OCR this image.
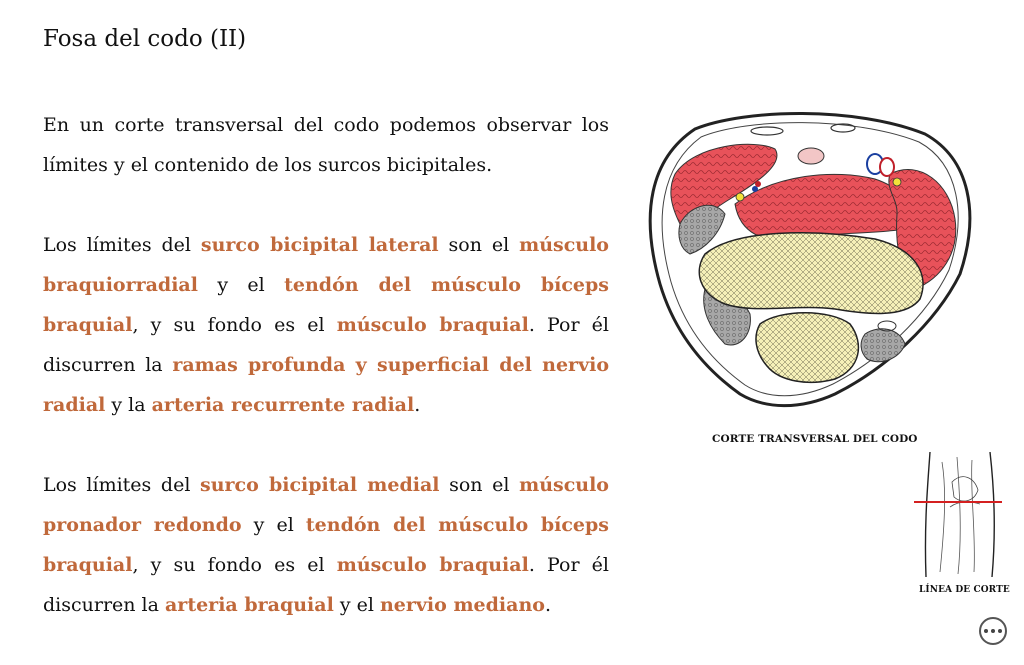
Fosa del codo (II)

En un corte transversal del codo podemos observar los límites y el contenido de los surcos bicipitales.

Los límites del surco bicipital lateral son el músculo braquiorradial y el tendón del músculo bíceps braquial, y su fondo es el músculo braquial. Por él discurren la ramas profunda y superficial del nervio radial y la arteria recurrente radial.

Los límites del surco bicipital medial son el músculo pronador redondo y el tendón del músculo bíceps braquial, y su fondo es el músculo braquial. Por él discurren la arteria braquial y el nervio mediano.

CORTE TRANSVERSAL DEL CODO
LÍNEA DE CORTE
